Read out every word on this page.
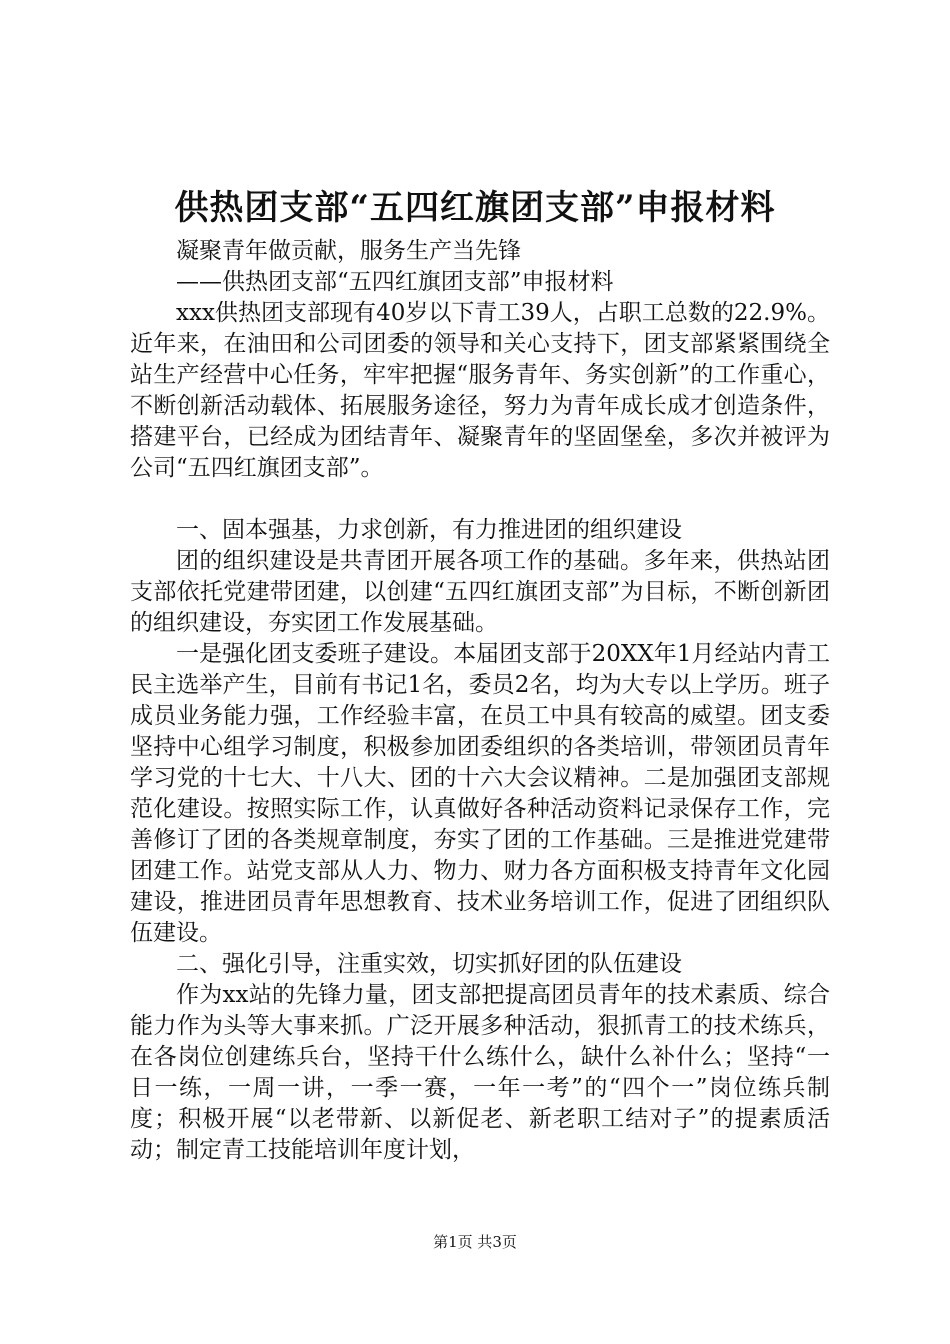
供热团支部“五四红旗团支部”申报材料

凝聚青年做贡献，服务生产当先锋

——供热团支部“五四红旗团支部”申报材料

xxx供热团支部现有40岁以下青工39人，占职工总数的22.9%。近年来，在油田和公司团委的领导和关心支持下，团支部紧紧围绕全站生产经营中心任务，牢牢把握“服务青年、务实创新”的工作重心，不断创新活动载体、拓展服务途径，努力为青年成长成才创造条件，搭建平台，已经成为团结青年、凝聚青年的坚固堡垒，多次并被评为公司“五四红旗团支部”。

一、固本强基，力求创新，有力推进团的组织建设

团的组织建设是共青团开展各项工作的基础。多年来，供热站团支部依托党建带团建，以创建“五四红旗团支部”为目标，不断创新团的组织建设，夯实团工作发展基础。

一是强化团支委班子建设。本届团支部于20XX年1月经站内青工民主选举产生，目前有书记1名，委员2名，均为大专以上学历。班子成员业务能力强，工作经验丰富，在员工中具有较高的威望。团支委坚持中心组学习制度，积极参加团委组织的各类培训，带领团员青年学习党的十七大、十八大、团的十六大会议精神。二是加强团支部规范化建设。按照实际工作，认真做好各种活动资料记录保存工作，完善修订了团的各类规章制度，夯实了团的工作基础。三是推进党建带团建工作。站党支部从人力、物力、财力各方面积极支持青年文化园建设，推进团员青年思想教育、技术业务培训工作，促进了团组织队伍建设。

二、强化引导，注重实效，切实抓好团的队伍建设

作为xx站的先锋力量，团支部把提高团员青年的技术素质、综合能力作为头等大事来抓。广泛开展多种活动，狠抓青工的技术练兵，在各岗位创建练兵台，坚持干什么练什么，缺什么补什么；坚持“一日一练，一周一讲，一季一赛，一年一考”的“四个一”岗位练兵制度；积极开展“以老带新、以新促老、新老职工结对子”的提素质活动；制定青工技能培训年度计划，

第1页 共3页
